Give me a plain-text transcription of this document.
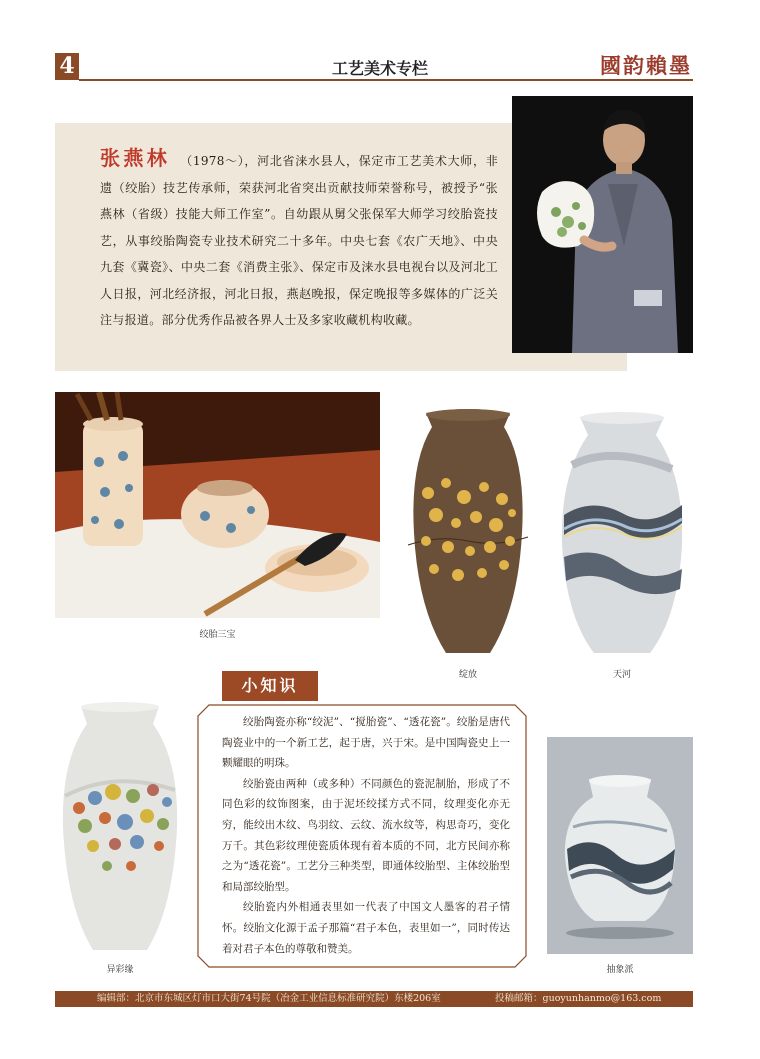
4	工艺美术专栏	國韵賴墨
张燕林 （1978～），河北省涞水县人，保定市工艺美术大师，非遗（绞胎）技艺传承师，荣获河北省突出贡献技师荣誉称号，被授予“张燕林（省级）技能大师工作室”。自幼跟从舅父张保军大师学习绞胎瓷技艺，从事绞胎陶瓷专业技术研究二十多年。中央七套《农广天地》、中央九套《冀瓷》、中央二套《消费主张》、保定市及涞水县电视台以及河北工人日报，河北经济报，河北日报，燕赵晚报，保定晚报等多媒体的广泛关注与报道。部分优秀作品被各界人士及多家收藏机构收藏。
绞胎三宝
绽放	天河
小知识

绞胎陶瓷亦称“绞泥”、“搅胎瓷”、“透花瓷”。绞胎是唐代陶瓷业中的一个新工艺，起于唐，兴于宋。是中国陶瓷史上一颗耀眼的明珠。

绞胎瓷由两种（或多种）不同颜色的瓷泥制胎，形成了不同色彩的纹饰图案，由于泥坯绞揉方式不同，纹理变化亦无穷，能绞出木纹、鸟羽纹、云纹、流水纹等，构思奇巧，变化万千。其色彩纹理使瓷质体现有着本质的不同，北方民间亦称之为“透花瓷”。工艺分三种类型，即通体绞胎型、主体绞胎型和局部绞胎型。

绞胎瓷内外相通表里如一代表了中国文人墨客的君子情怀。绞胎文化源于孟子那篇“君子本色，表里如一”，同时传达着对君子本色的尊敬和赞美。

异彩缘	抽象派
编辑部：北京市东城区灯市口大街74号院（冶金工业信息标准研究院）东楼206室	投稿邮箱：guoyunhanmo@163.com
